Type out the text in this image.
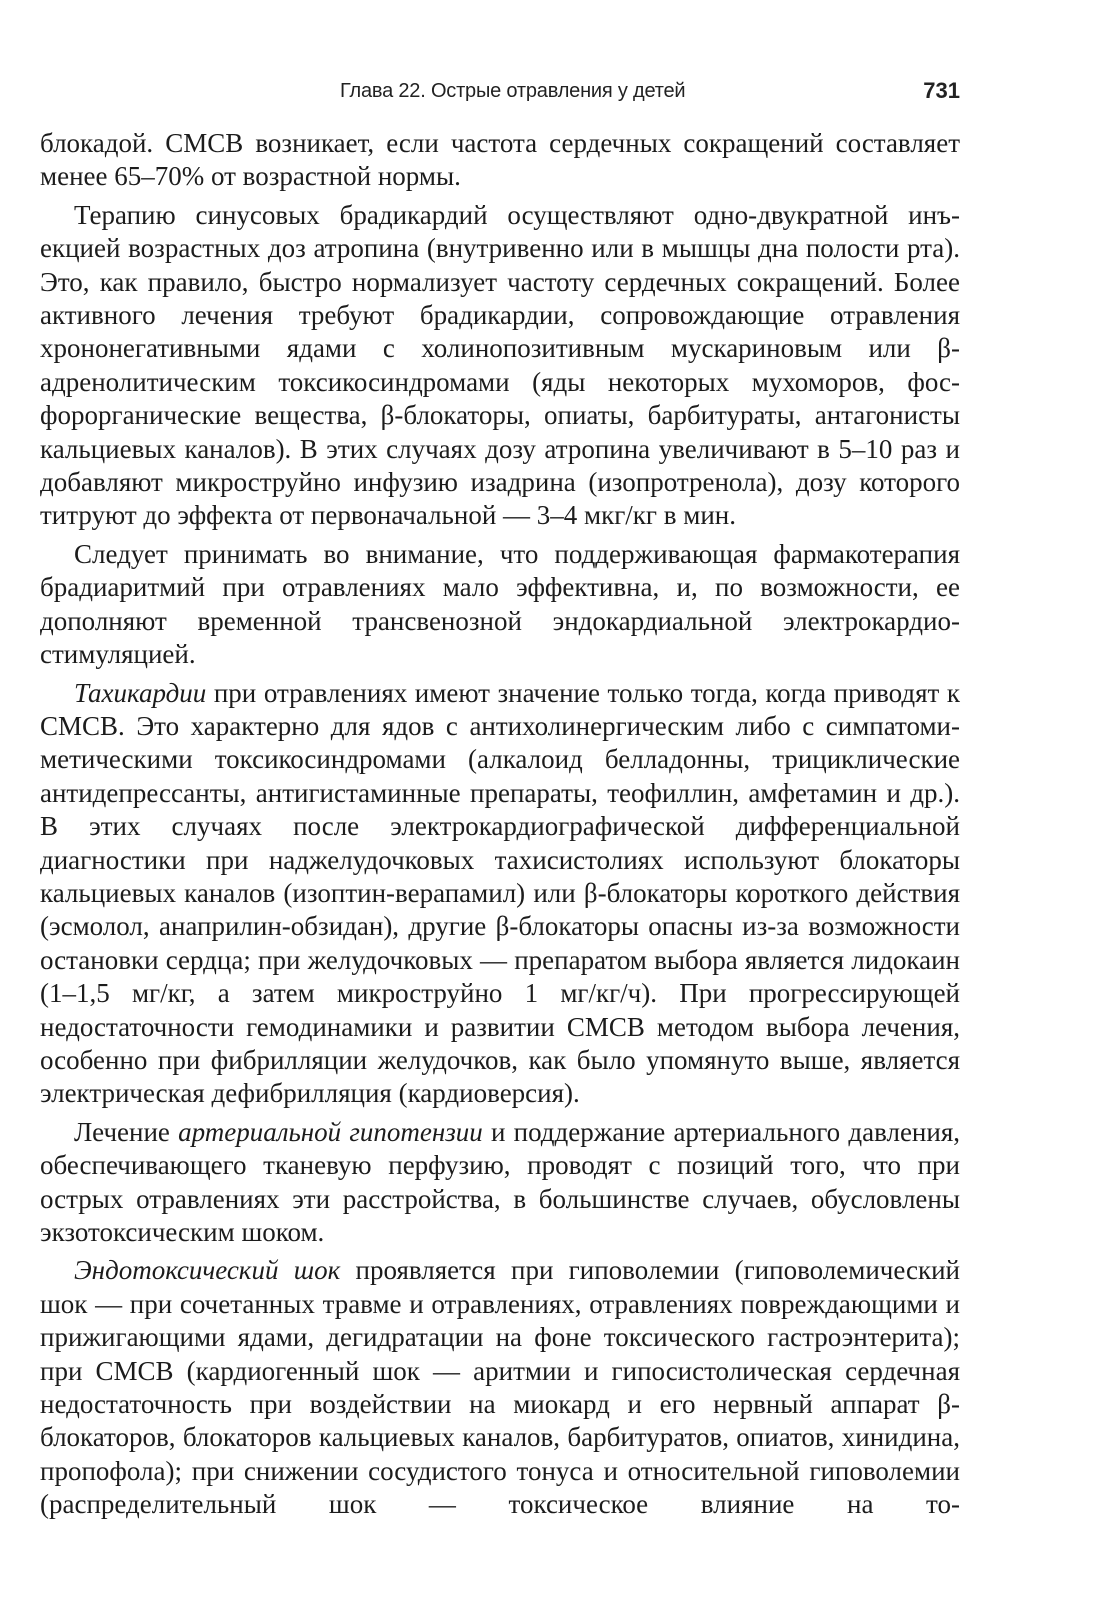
Глава 22. Острые отравления у детей	731

блокадой. СМСВ возникает, если частота сердечных сокращений составляет менее 65–70% от возрастной нормы.

Терапию синусовых брадикардий осуществляют одно-двукратной инъекцией возрастных доз атропина (внутривенно или в мышцы дна полости рта). Это, как правило, быстро нормализует частоту сердечных сокращений. Более активного лечения требуют брадикардии, сопровождающие отравления хрононегативными ядами с холинопозитивным мускариновым или β-адренолитическим токсикосиндромами (яды некоторых мухоморов, фосфорорганические вещества, β-блокаторы, опиаты, барбитураты, антагонисты кальциевых каналов). В этих случаях дозу атропина увеличивают в 5–10 раз и добавляют микроструйно инфузию изадрина (изопротренола), дозу которого титруют до эффекта от первоначальной — 3–4 мкг/кг в мин.

Следует принимать во внимание, что поддерживающая фармакотерапия брадиаритмий при отравлениях мало эффективна, и, по возможности, ее дополняют временной трансвенозной эндокардиальной электрокардиостимуляцией.

Тахикардии при отравлениях имеют значение только тогда, когда приводят к СМСВ. Это характерно для ядов с антихолинергическим либо с симпатомиметическими токсикосиндромами (алкалоид белладонны, трициклические антидепрессанты, антигистаминные препараты, теофиллин, амфетамин и др.). В этих случаях после электрокардиографической дифференциальной диагностики при наджелудочковых тахисистолиях используют блокаторы кальциевых каналов (изоптин-верапамил) или β-блокаторы короткого действия (эсмолол, анаприлин-обзидан), другие β-блокаторы опасны из-за возможности остановки сердца; при желудочковых — препаратом выбора является лидокаин (1–1,5 мг/кг, а затем микроструйно 1 мг/кг/ч). При прогрессирующей недостаточности гемодинамики и развитии СМСВ методом выбора лечения, особенно при фибрилляции желудочков, как было упомянуто выше, является электрическая дефибрилляция (кардиоверсия).

Лечение артериальной гипотензии и поддержание артериального давления, обеспечивающего тканевую перфузию, проводят с позиций того, что при острых отравлениях эти расстройства, в большинстве случаев, обусловлены экзотоксическим шоком.

Эндотоксический шок проявляется при гиповолемии (гиповолемический шок — при сочетанных травме и отравлениях, отравлениях повреждающими и прижигающими ядами, дегидратации на фоне токсического гастроэнтерита); при СМСВ (кардиогенный шок — аритмии и гипосистолическая сердечная недостаточность при воздействии на миокард и его нервный аппарат β-блокаторов, блокаторов кальциевых каналов, барбитуратов, опиатов, хинидина, пропофола); при снижении сосудистого тонуса и относительной гиповолемии (распределительный шок — токсическое влияние на то-
